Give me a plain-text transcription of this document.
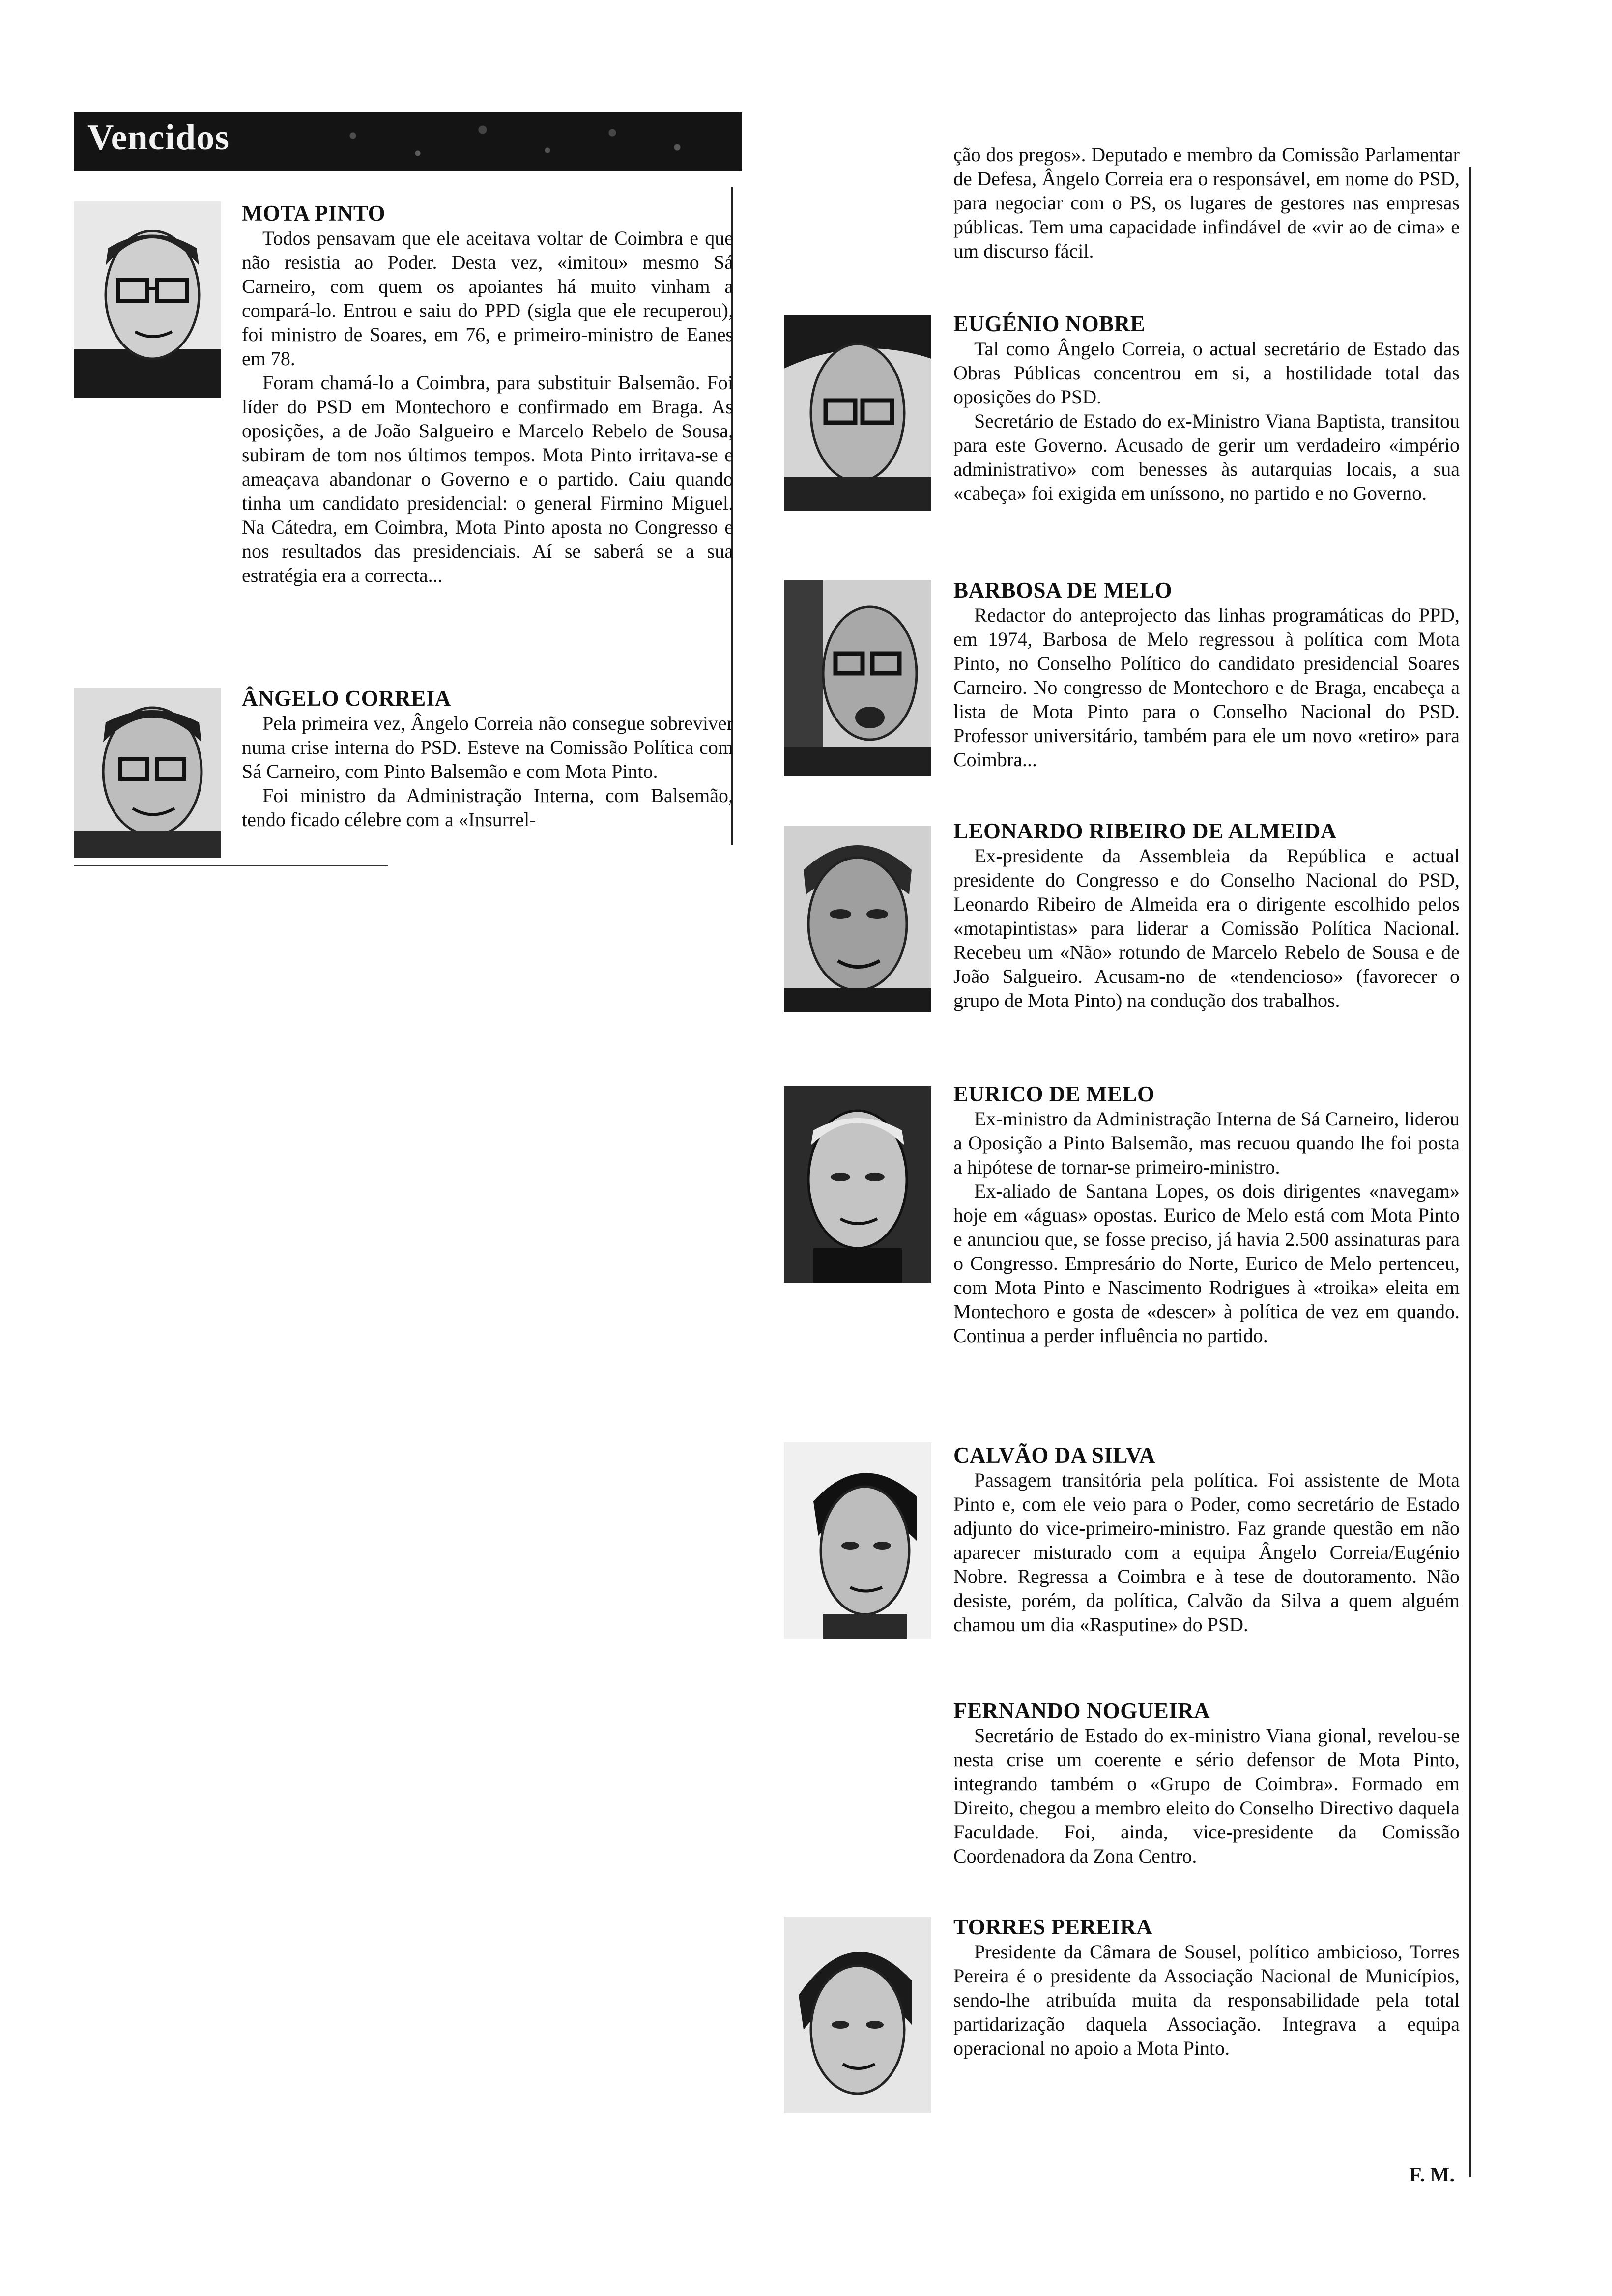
Vencidos
MOTA PINTO

Todos pensavam que ele aceitava voltar de Coimbra e que não resistia ao Poder. Desta vez, «imitou» mesmo Sá Carneiro, com quem os apoiantes há muito vinham a compará-lo. Entrou e saiu do PPD (sigla que ele recuperou), foi ministro de Soares, em 76, e primeiro-ministro de Eanes em 78.

Foram chamá-lo a Coimbra, para substituir Balsemão. Foi líder do PSD em Montechoro e confirmado em Braga. As oposições, a de João Salgueiro e Marcelo Rebelo de Sousa, subiram de tom nos últimos tempos. Mota Pinto irritava-se e ameaçava abandonar o Governo e o partido. Caiu quando tinha um candidato presidencial: o general Firmino Miguel. Na Cátedra, em Coimbra, Mota Pinto aposta no Congresso e nos resultados das presidenciais. Aí se saberá se a sua estratégia era a correcta...

ÂNGELO CORREIA

Pela primeira vez, Ângelo Correia não conseguе sobreviver numa crise interna do PSD. Esteve na Comissão Política com Sá Carneiro, com Pinto Balsemão e com Mota Pinto.

Foi ministro da Administração Interna, com Balsemão, tendo ficado célebre com a «Insurrel-

ção dos pregos». Deputado e membro da Comissão Parlamentar de Defesa, Ângelo Correia era o responsável, em nome do PSD, para negociar com o PS, os lugares de gestores nas empresas públicas. Tem uma capacidade infindável de «vir ao de cima» e um discurso fácil.

EUGÉNIO NOBRE

Tal como Ângelo Correia, o actual secretário de Estado das Obras Públicas concentrou em si, a hostilidade total das oposições do PSD.

Secretário de Estado do ex-Ministro Viana Baptista, transitou para este Governo. Acusado de gerir um verdadeiro «império administrativo» com benesses às autarquias locais, a sua «cabeça» foi exigida em uníssono, no partido e no Governo.

BARBOSA DE MELO

Redactor do anteprojecto das linhas programáticas do PPD, em 1974, Barbosa de Melo regressou à política com Mota Pinto, no Conselho Político do candidato presidencial Soares Carneiro. No congresso de Montechoro e de Braga, encabeça a lista de Mota Pinto para o Conselho Nacional do PSD. Professor universitário, também para ele um novo «retiro» para Coimbra...

LEONARDO RIBEIRO DE ALMEIDA

Ex-presidente da Assembleia da República e actual presidente do Congresso e do Conselho Nacional do PSD, Leonardo Ribeiro de Almeida era o dirigente escolhido pelos «motapintistas» para liderar a Comissão Política Nacional. Recebeu um «Não» rotundo de Marcelo Rebelo de Sousa e de João Salgueiro. Acusam-no de «tendencioso» (favorecer o grupo de Mota Pinto) na condução dos trabalhos.

EURICO DE MELO

Ex-ministro da Administração Interna de Sá Carneiro, liderou a Oposição a Pinto Balsemão, mas recuou quando lhe foi posta a hipótese de tornar-se primeiro-ministro.

Ex-aliado de Santana Lopes, os dois dirigentes «navegam» hoje em «águas» opostas. Eurico de Melo está com Mota Pinto e anunciou que, se fosse preciso, já havia 2.500 assinaturas para o Congresso. Empresário do Norte, Eurico de Melo pertenceu, com Mota Pinto e Nascimento Rodrigues à «troika» eleita em Montechoro e gosta de «descer» à política de vez em quando. Continua a perder influência no partido.

CALVÃO DA SILVA

Passagem transitória pela política. Foi assistente de Mota Pinto e, com ele veio para o Poder, como secretário de Estado adjunto do vice-primeiro-ministro. Faz grande questão em não aparecer misturado com a equipa Ângelo Correia/Eugénio Nobre. Regressa a Coimbra e à tese de doutoramento. Não desiste, porém, da política, Calvão da Silva a quem alguém chamou um dia «Rasputine» do PSD.

FERNANDO NOGUEIRA

Secretário de Estado do ex-ministro Viana gional, revelou-se nesta crise um coerente e sério defensor de Mota Pinto, integrando também o «Grupo de Coimbra». Formado em Direito, chegou a membro eleito do Conselho Directivo daquela Faculdade. Foi, ainda, vice-presidente da Comissão Coordenadora da Zona Centro.

TORRES PEREIRA

Presidente da Câmara de Sousel, político ambicioso, Torres Pereira é o presidente da Associação Nacional de Municípios, sendo-lhe atribuída muita da responsabilidade pela total partidarização daquela Associação. Integrava a equipa operacional no apoio a Mota Pinto.

F. M.
